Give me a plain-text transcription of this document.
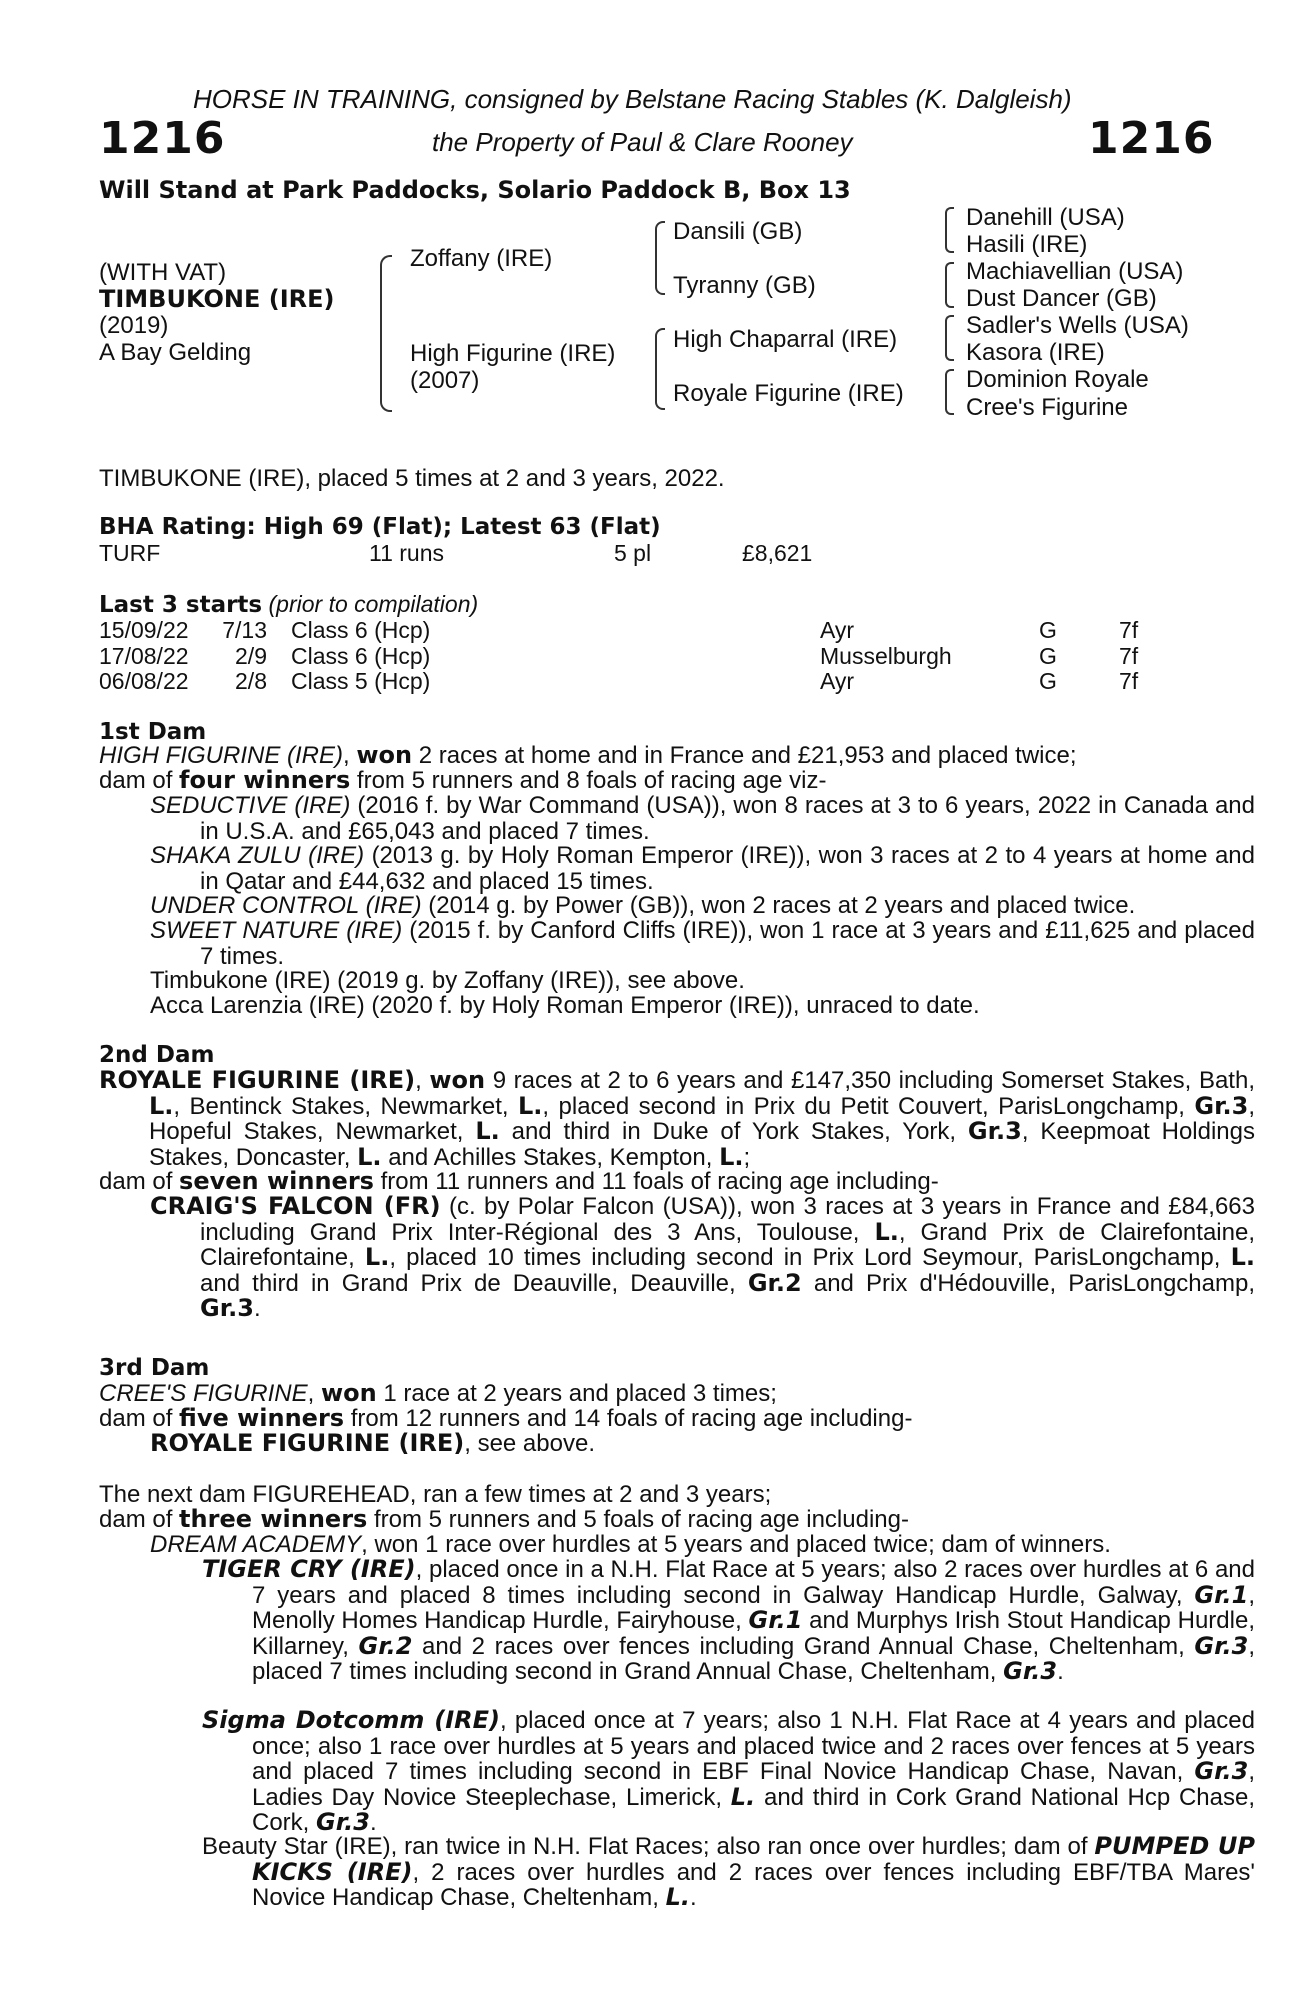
HORSE IN TRAINING, consigned by Belstane Racing Stables (K. Dalgleish)
1216	the Property of Paul & Clare Rooney	1216
Will Stand at Park Paddocks, Solario Paddock B, Box 13
(WITH VAT)
TIMBUKONE (IRE)
(2019)
A Bay Gelding
Zoffany (IRE)
High Figurine (IRE)
(2007)
Dansili (GB)
Tyranny (GB)
High Chaparral (IRE)
Royale Figurine (IRE)
Danehill (USA)
Hasili (IRE)
Machiavellian (USA)
Dust Dancer (GB)
Sadler's Wells (USA)
Kasora (IRE)
Dominion Royale
Cree's Figurine
TIMBUKONE (IRE), placed 5 times at 2 and 3 years, 2022.
BHA Rating: High 69 (Flat); Latest 63 (Flat)
TURF	11 runs	5 pl	£8,621
Last 3 starts (prior to compilation)
15/09/22	7/13 Class 6 (Hcp)	Ayr	G	7f
17/08/22	2/9 Class 6 (Hcp)	Musselburgh	G	7f
06/08/22	2/8 Class 5 (Hcp)	Ayr	G	7f
1st Dam
HIGH FIGURINE (IRE), won 2 races at home and in France and £21,953 and placed twice;
dam of four winners from 5 runners and 8 foals of racing age viz-
SEDUCTIVE (IRE) (2016 f. by War Command (USA)), won 8 races at 3 to 6 years, 2022 in Canada and in U.S.A. and £65,043 and placed 7 times.
SHAKA ZULU (IRE) (2013 g. by Holy Roman Emperor (IRE)), won 3 races at 2 to 4 years at home and in Qatar and £44,632 and placed 15 times.
UNDER CONTROL (IRE) (2014 g. by Power (GB)), won 2 races at 2 years and placed twice.
SWEET NATURE (IRE) (2015 f. by Canford Cliffs (IRE)), won 1 race at 3 years and £11,625 and placed 7 times.
Timbukone (IRE) (2019 g. by Zoffany (IRE)), see above.
Acca Larenzia (IRE) (2020 f. by Holy Roman Emperor (IRE)), unraced to date.
2nd Dam
ROYALE FIGURINE (IRE), won 9 races at 2 to 6 years and £147,350 including Somerset Stakes, Bath, L., Bentinck Stakes, Newmarket, L., placed second in Prix du Petit Couvert, ParisLongchamp, Gr.3, Hopeful Stakes, Newmarket, L. and third in Duke of York Stakes, York, Gr.3, Keepmoat Holdings Stakes, Doncaster, L. and Achilles Stakes, Kempton, L.;
dam of seven winners from 11 runners and 11 foals of racing age including-
CRAIG'S FALCON (FR) (c. by Polar Falcon (USA)), won 3 races at 3 years in France and £84,663 including Grand Prix Inter-Régional des 3 Ans, Toulouse, L., Grand Prix de Clairefontaine, Clairefontaine, L., placed 10 times including second in Prix Lord Seymour, ParisLongchamp, L. and third in Grand Prix de Deauville, Deauville, Gr.2 and Prix d'Hédouville, ParisLongchamp, Gr.3.
3rd Dam
CREE'S FIGURINE, won 1 race at 2 years and placed 3 times;
dam of five winners from 12 runners and 14 foals of racing age including-
ROYALE FIGURINE (IRE), see above.
The next dam FIGUREHEAD, ran a few times at 2 and 3 years;
dam of three winners from 5 runners and 5 foals of racing age including-
DREAM ACADEMY, won 1 race over hurdles at 5 years and placed twice; dam of winners.
TIGER CRY (IRE), placed once in a N.H. Flat Race at 5 years; also 2 races over hurdles at 6 and 7 years and placed 8 times including second in Galway Handicap Hurdle, Galway, Gr.1, Menolly Homes Handicap Hurdle, Fairyhouse, Gr.1 and Murphys Irish Stout Handicap Hurdle, Killarney, Gr.2 and 2 races over fences including Grand Annual Chase, Cheltenham, Gr.3, placed 7 times including second in Grand Annual Chase, Cheltenham, Gr.3.
Sigma Dotcomm (IRE), placed once at 7 years; also 1 N.H. Flat Race at 4 years and placed once; also 1 race over hurdles at 5 years and placed twice and 2 races over fences at 5 years and placed 7 times including second in EBF Final Novice Handicap Chase, Navan, Gr.3, Ladies Day Novice Steeplechase, Limerick, L. and third in Cork Grand National Hcp Chase, Cork, Gr.3.
Beauty Star (IRE), ran twice in N.H. Flat Races; also ran once over hurdles; dam of PUMPED UP KICKS (IRE), 2 races over hurdles and 2 races over fences including EBF/TBA Mares' Novice Handicap Chase, Cheltenham, L..
